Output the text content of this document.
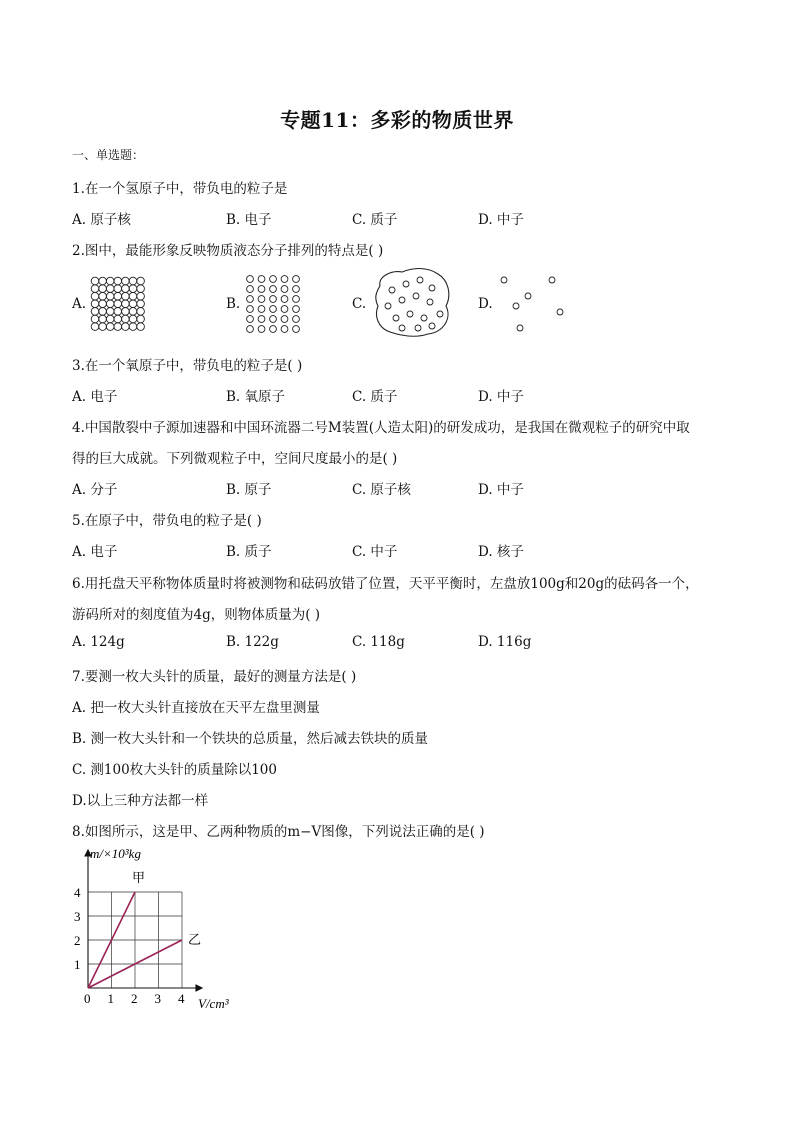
专题11：多彩的物质世界
一、单选题：
1.在一个氢原子中，带负电的粒子是
A. 原子核	B. 电子	C. 质子	D. 中子
2.图中，最能形象反映物质液态分子排列的特点是( )
A.	B.	C.	D.
3.在一个氧原子中，带负电的粒子是( )
A. 电子	B. 氧原子	C. 质子	D. 中子
4.中国散裂中子源加速器和中国环流器二号M装置(人造太阳)的研发成功，是我国在微观粒子的研究中取
得的巨大成就。下列微观粒子中，空间尺度最小的是( )
A. 分子	B. 原子	C. 原子核	D. 中子
5.在原子中，带负电的粒子是( )
A. 电子	B. 质子	C. 中子	D. 核子
6.用托盘天平称物体质量时将被测物和砝码放错了位置，天平平衡时，左盘放100g和20g的砝码各一个，
游码所对的刻度值为4g，则物体质量为( )
A. 124g	B. 122g	C. 118g	D. 116g
7.要测一枚大头针的质量，最好的测量方法是( )
A. 把一枚大头针直接放在天平左盘里测量
B. 测一枚大头针和一个铁块的总质量，然后减去铁块的质量
C. 测100枚大头针的质量除以100
D.以上三种方法都一样
8.如图所示，这是甲、乙两种物质的m−V图像，下列说法正确的是( )
0 1 2 3 4
1
2
3
4
m/×10³kg
V/cm³
甲
乙
